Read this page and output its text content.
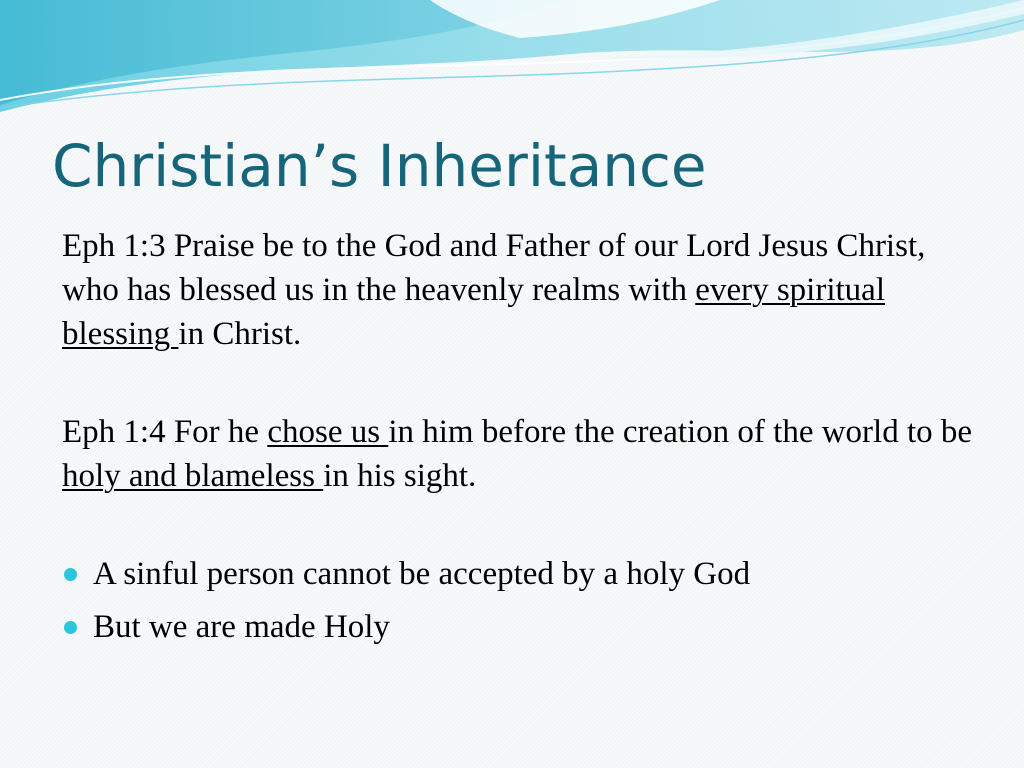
Christian’s Inheritance

Eph 1:3 Praise be to the God and Father of our Lord Jesus Christ, who has blessed us in the heavenly realms with every spiritual blessing in Christ.

Eph 1:4 For he chose us in him before the creation of the world to be holy and blameless in his sight.

A sinful person cannot be accepted by a holy God
But we are made Holy
